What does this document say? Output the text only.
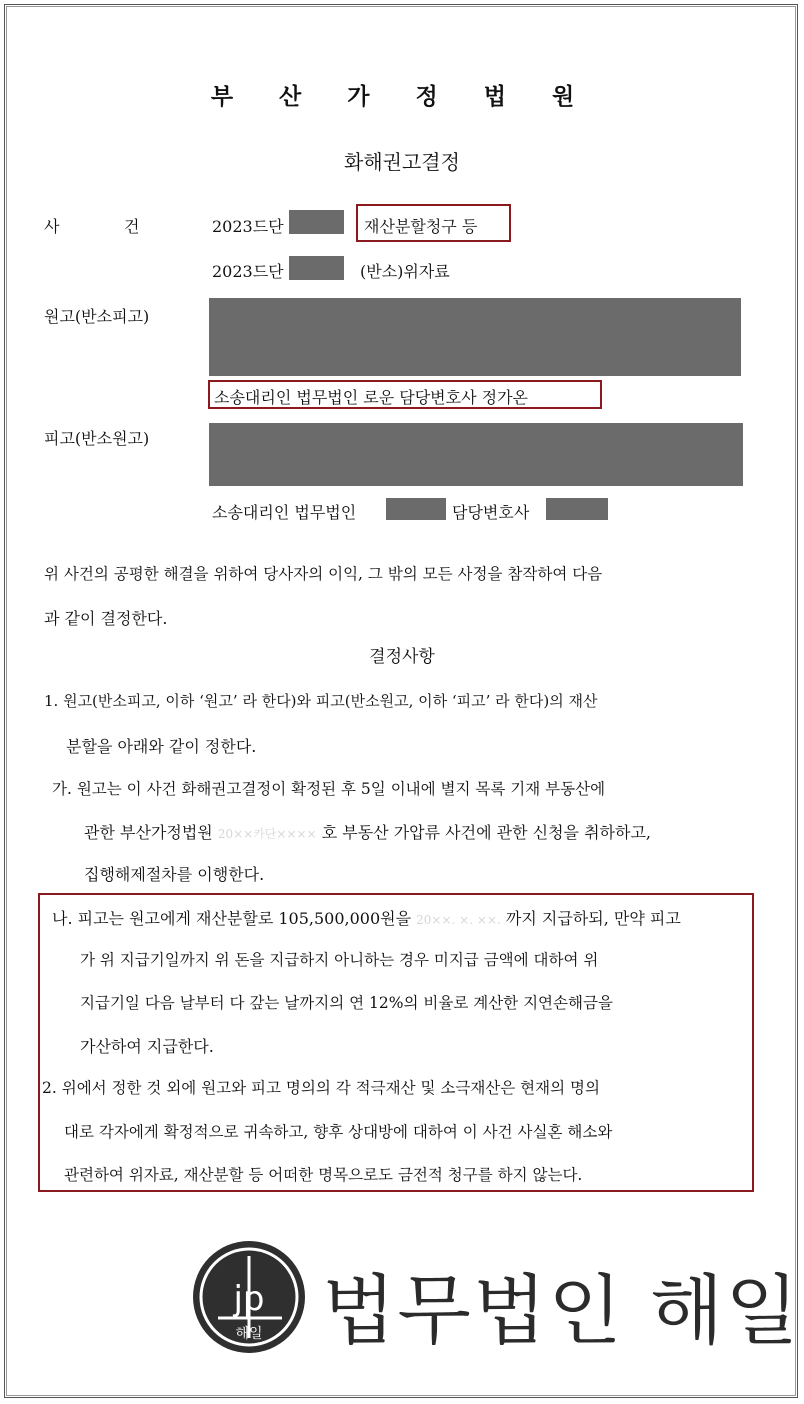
부 산 가 정 법 원
화해권고결정
사	건	2023드단	재산분할청구 등
2023드단	(반소)위자료
원고(반소피고)
소송대리인 법무법인 로운 담당변호사 정가온
피고(반소원고)
소송대리인 법무법인	담당변호사
위 사건의 공평한 해결을 위하여 당사자의 이익, 그 밖의 모든 사정을 참작하여 다음
과 같이 결정한다.
결정사항
1. 원고(반소피고, 이하 ‘원고’ 라 한다)와 피고(반소원고, 이하 ‘피고’ 라 한다)의 재산
분할을 아래와 같이 정한다.
가. 원고는 이 사건 화해권고결정이 확정된 후 5일 이내에 별지 목록 기재 부동산에
관한 부산가정법원 20××카단×××× 호 부동산 가압류 사건에 관한 신청을 취하하고,
집행해제절차를 이행한다.
나. 피고는 원고에게 재산분할로 105,500,000원을 20××. ×. ××. 까지 지급하되, 만약 피고
가 위 지급기일까지 위 돈을 지급하지 아니하는 경우 미지급 금액에 대하여 위
지급기일 다음 날부터 다 갚는 날까지의 연 12%의 비율로 계산한 지연손해금을
가산하여 지급한다.
2. 위에서 정한 것 외에 원고와 피고 명의의 각 적극재산 및 소극재산은 현재의 명의
대로 각자에게 확정적으로 귀속하고, 향후 상대방에 대하여 이 사건 사실혼 해소와
관련하여 위자료, 재산분할 등 어떠한 명목으로도 금전적 청구를 하지 않는다.
jp
해일 법무법인 해일
